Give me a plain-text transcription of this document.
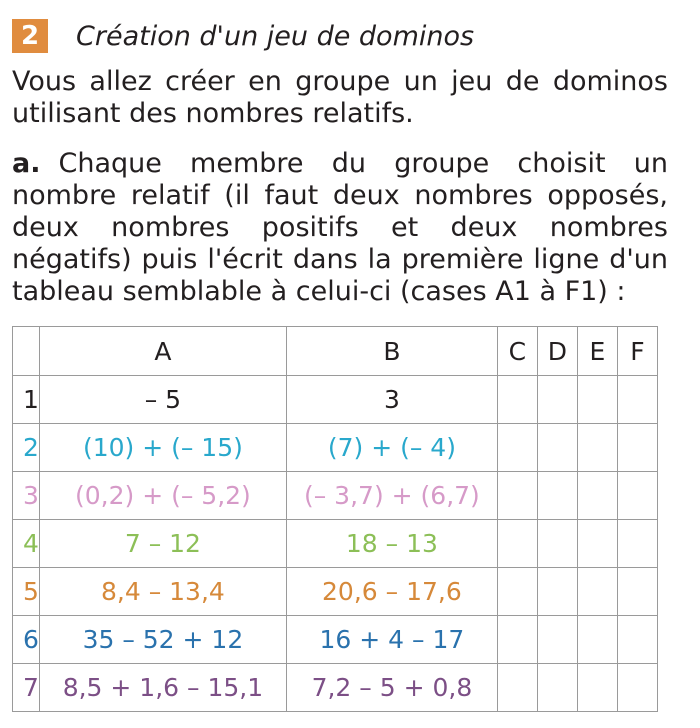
2	Création d'un jeu de dominos
Vous allez créer en groupe un jeu de dominos utilisant des nombres relatifs.
a. Chaque membre du groupe choisit un nombre relatif (il faut deux nombres opposés, deux nombres positifs et deux nombres négatifs) puis l'écrit dans la première ligne d'un tableau semblable à celui-ci (cases A1 à F1) :
	A	B	C	D	E	F
1	– 5	3				
2	(10) + (– 15)	(7) + (– 4)				
3	(0,2) + (– 5,2)	(– 3,7) + (6,7)				
4	7 – 12	18 – 13				
5	8,4 – 13,4	20,6 – 17,6				
6	35 – 52 + 12	16 + 4 – 17				
7	8,5 + 1,6 – 15,1	7,2 – 5 + 0,8				
